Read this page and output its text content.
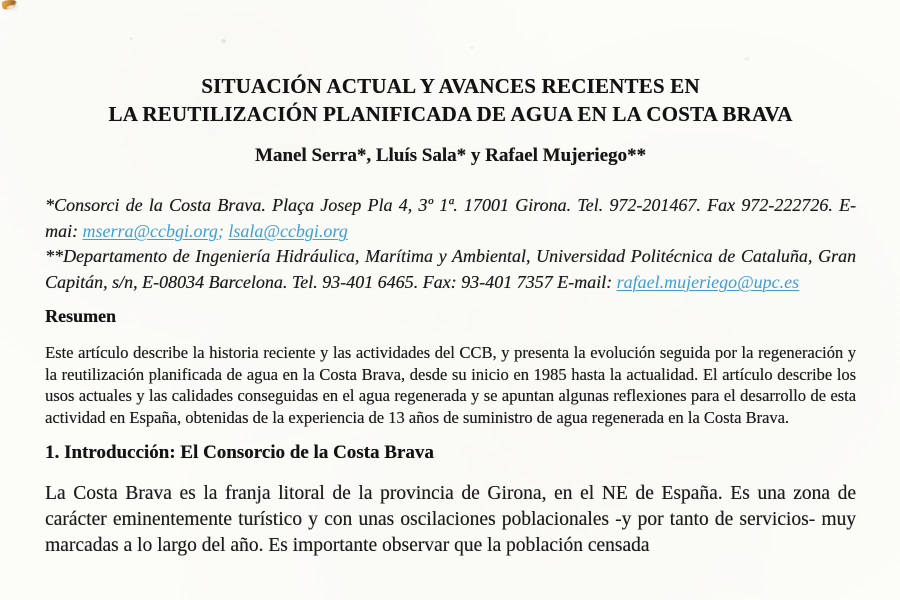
SITUACIÓN ACTUAL Y AVANCES RECIENTES EN
LA REUTILIZACIÓN PLANIFICADA DE AGUA EN LA COSTA BRAVA
Manel Serra*, Lluís Sala* y Rafael Mujeriego**

*Consorci de la Costa Brava. Plaça Josep Pla 4, 3º 1ª. 17001 Girona. Tel. 972-201467. Fax 972-222726. E-mai: mserra@ccbgi.org; lsala@ccbgi.org

**Departamento de Ingeniería Hidráulica, Marítima y Ambiental, Universidad Politécnica de Cataluña, Gran Capitán, s/n, E-08034 Barcelona. Tel. 93-401 6465. Fax: 93-401 7357 E-mail: rafael.mujeriego@upc.es

Resumen

Este artículo describe la historia reciente y las actividades del CCB, y presenta la evolución seguida por la regeneración y la reutilización planificada de agua en la Costa Brava, desde su inicio en 1985 hasta la actualidad. El artículo describe los usos actuales y las calidades conseguidas en el agua regenerada y se apuntan algunas reflexiones para el desarrollo de esta actividad en España, obtenidas de la experiencia de 13 años de suministro de agua regenerada en la Costa Brava.

1. Introducción: El Consorcio de la Costa Brava

La Costa Brava es la franja litoral de la provincia de Girona, en el NE de España. Es una zona de carácter eminentemente turístico y con unas oscilaciones poblacionales -y por tanto de servicios- muy marcadas a lo largo del año. Es importante observar que la población censada
